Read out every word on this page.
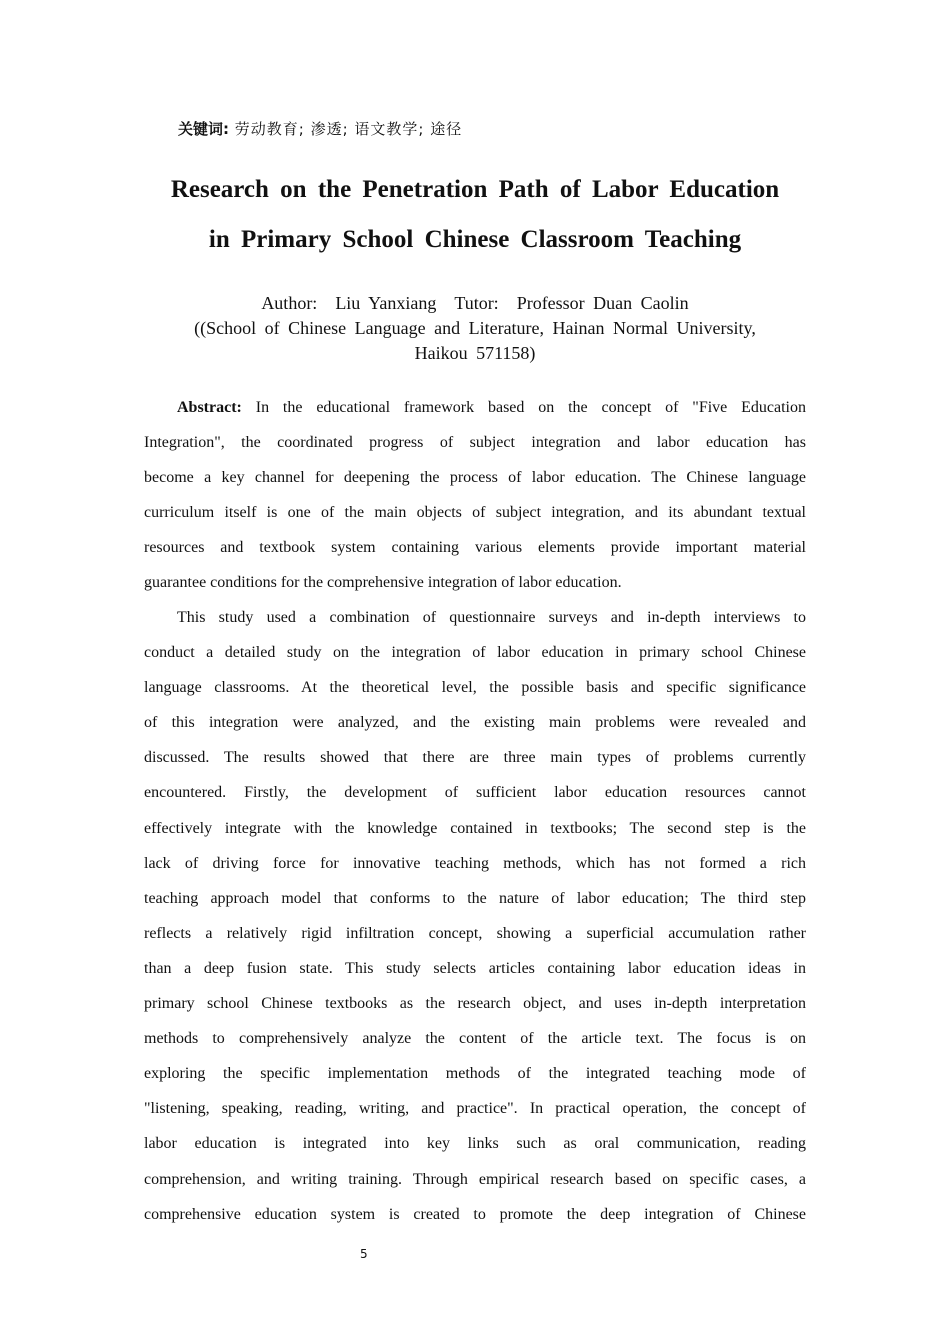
关键词: 劳动教育; 渗透; 语文教学; 途径
Research on the Penetration Path of Labor Education
in Primary School Chinese Classroom Teaching
Author: Liu Yanxiang Tutor: Professor Duan Caolin
((School of Chinese Language and Literature, Hainan Normal University,
Haikou 571158)
Abstract: In the educational framework based on the concept of "Five Education
Integration", the coordinated progress of subject integration and labor education has
become a key channel for deepening the process of labor education. The Chinese language
curriculum itself is one of the main objects of subject integration, and its abundant textual
resources and textbook system containing various elements provide important material
guarantee conditions for the comprehensive integration of labor education.
This study used a combination of questionnaire surveys and in-depth interviews to
conduct a detailed study on the integration of labor education in primary school Chinese
language classrooms. At the theoretical level, the possible basis and specific significance
of this integration were analyzed, and the existing main problems were revealed and
discussed. The results showed that there are three main types of problems currently
encountered. Firstly, the development of sufficient labor education resources cannot
effectively integrate with the knowledge contained in textbooks; The second step is the
lack of driving force for innovative teaching methods, which has not formed a rich
teaching approach model that conforms to the nature of labor education; The third step
reflects a relatively rigid infiltration concept, showing a superficial accumulation rather
than a deep fusion state. This study selects articles containing labor education ideas in
primary school Chinese textbooks as the research object, and uses in-depth interpretation
methods to comprehensively analyze the content of the article text. The focus is on
exploring the specific implementation methods of the integrated teaching mode of
"listening, speaking, reading, writing, and practice". In practical operation, the concept of
labor education is integrated into key links such as oral communication, reading
comprehension, and writing training. Through empirical research based on specific cases, a
comprehensive education system is created to promote the deep integration of Chinese
5
